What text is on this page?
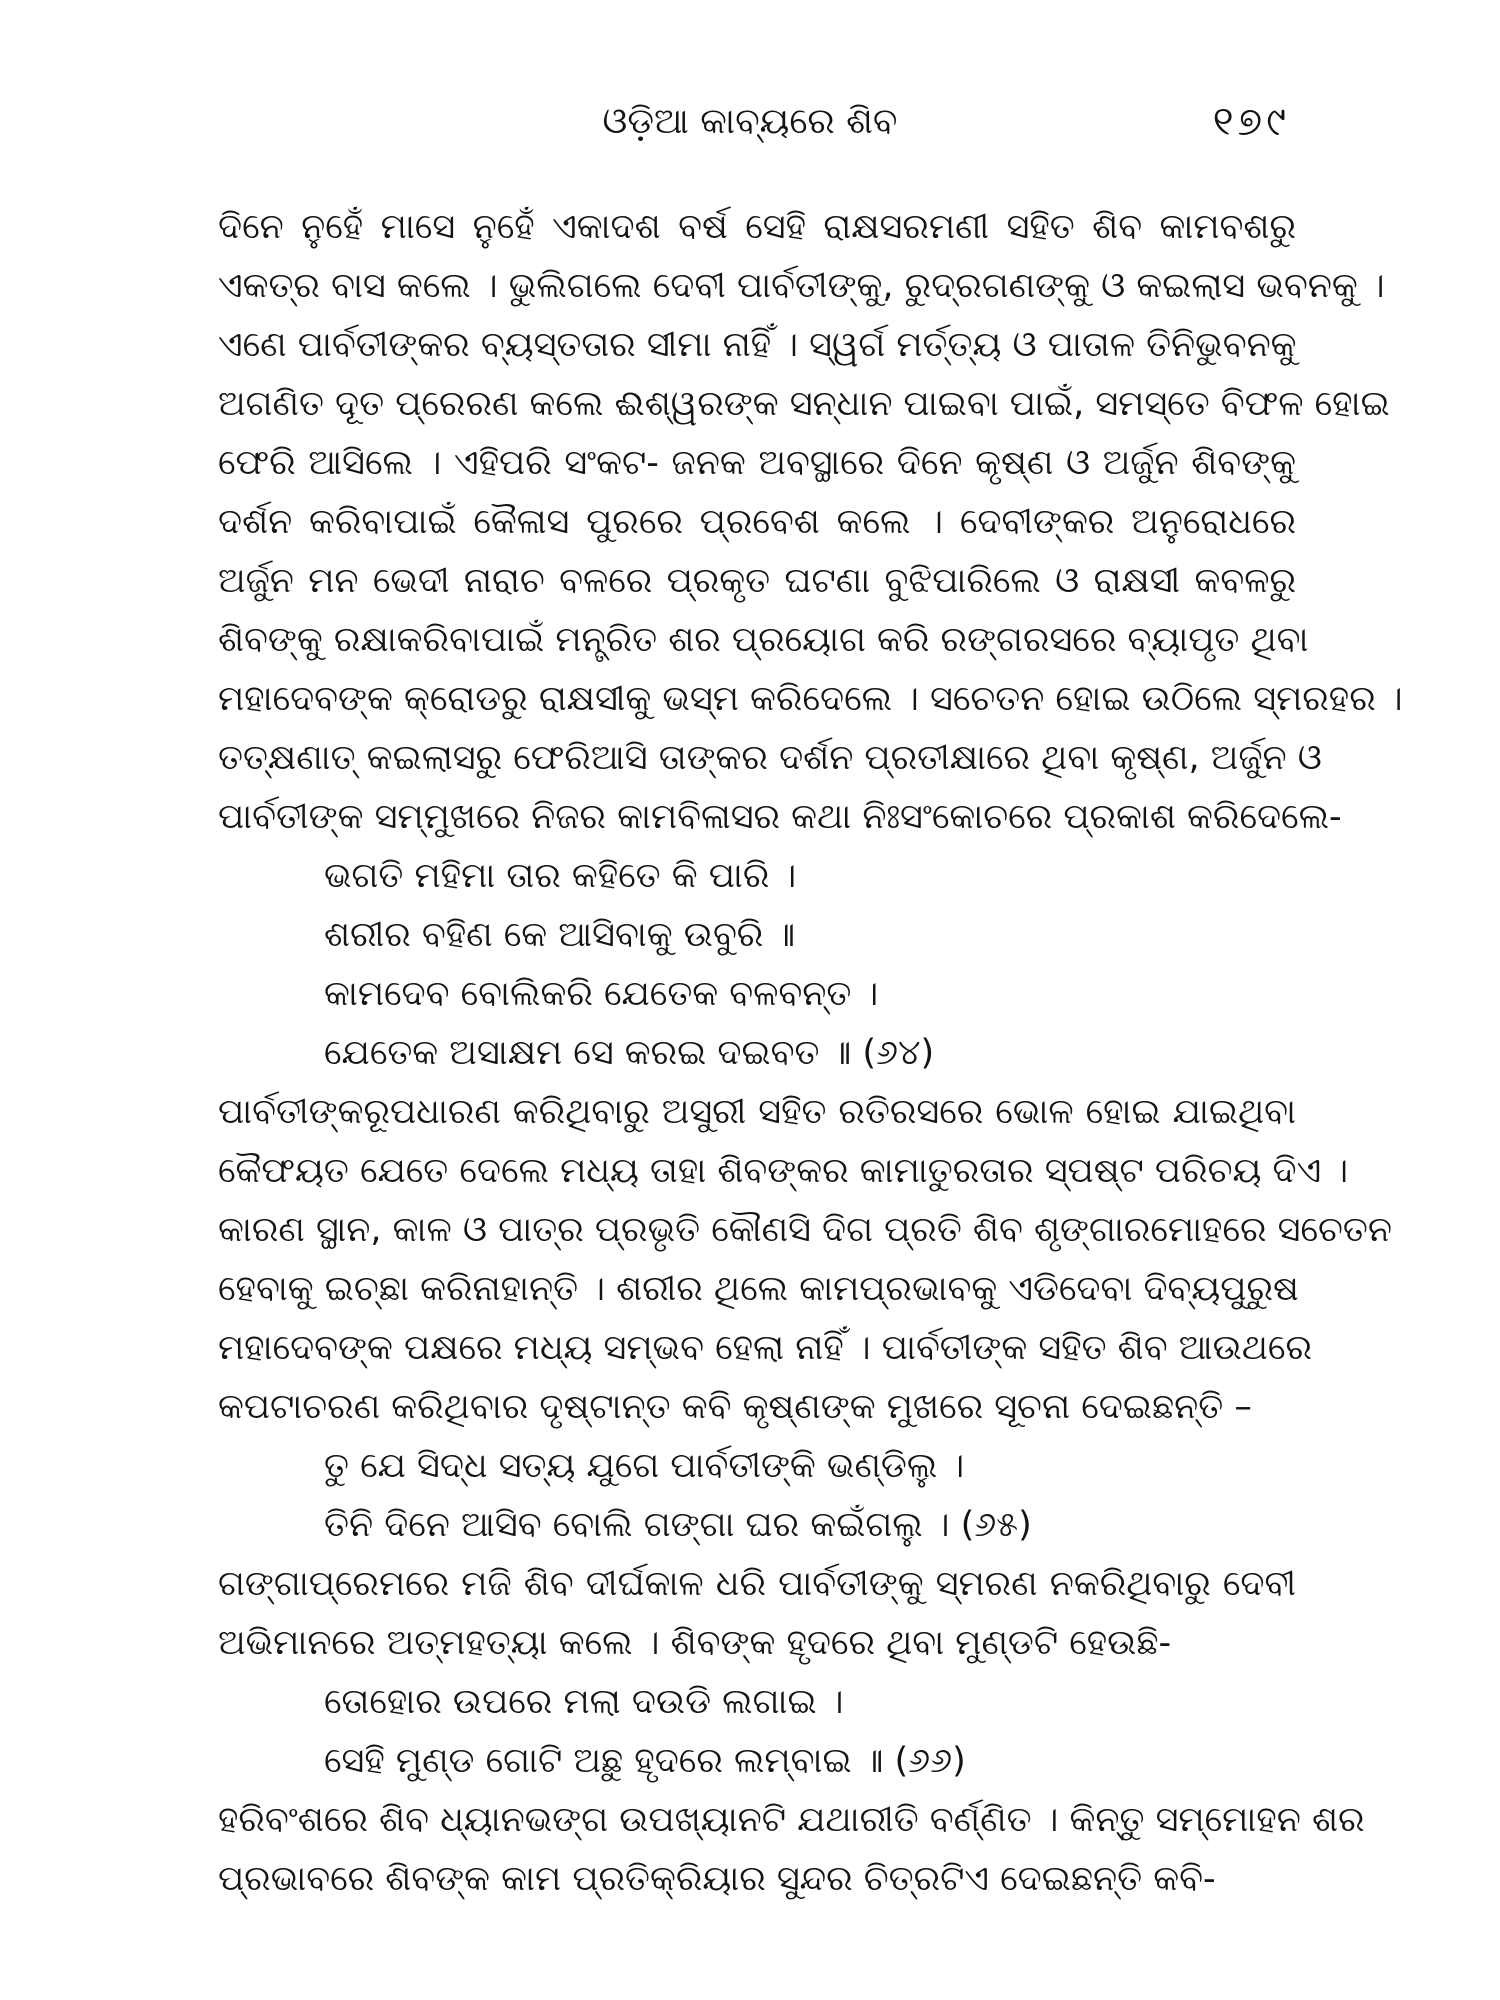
ଓଡ଼ିଆ କାବ୍ୟରେ ଶିବ	୧୭୯
ଦିନେ ନୁହେଁ ମାସେ ନୁହେଁ ଏକାଦଶ ବର୍ଷ ସେହି ରାକ୍ଷସରମଣୀ ସହିତ ଶିବ କାମବଶରୁ
ଏକତ୍ର ବାସ କଲେ । ଭୁଲିଗଲେ ଦେବୀ ପାର୍ବତୀଙ୍କୁ, ରୁଦ୍ରଗଣଙ୍କୁ ଓ କଇଲାସ ଭବନକୁ ।
ଏଣେ ପାର୍ବତୀଙ୍କର ବ୍ୟସ୍ତତାର ସୀମା ନାହିଁ । ସ୍ୱର୍ଗ ମର୍ତ୍ତ୍ୟ ଓ ପାତାଳ ତିନିଭୁବନକୁ
ଅଗଣିତ ଦୂତ ପ୍ରେରଣ କଲେ ଈଶ୍ୱରଙ୍କ ସନ୍ଧାନ ପାଇବା ପାଇଁ, ସମସ୍ତେ ବିଫଳ ହୋଇ
ଫେରି ଆସିଲେ । ଏହିପରି ସଂକଟ- ଜନକ ଅବସ୍ଥାରେ ଦିନେ କୃଷ୍ଣ ଓ ଅର୍ଜୁନ ଶିବଙ୍କୁ
ଦର୍ଶନ କରିବାପାଇଁ କୈଳାସ ପୁରରେ ପ୍ରବେଶ କଲେ । ଦେବୀଙ୍କର ଅନୁରୋଧରେ
ଅର୍ଜୁନ ମନ ଭେଦୀ ନାରାଚ ବଳରେ ପ୍ରକୃତ ଘଟଣା ବୁଝିପାରିଲେ ଓ ରାକ୍ଷସୀ କବଳରୁ
ଶିବଙ୍କୁ ରକ୍ଷାକରିବାପାଇଁ ମନ୍ତ୍ରିତ ଶର ପ୍ରୟୋଗ କରି ରଙ୍ଗରସରେ ବ୍ୟାପୃତ ଥିବା
ମହାଦେବଙ୍କ କ୍ରୋଡରୁ ରାକ୍ଷସୀକୁ ଭସ୍ମ କରିଦେଲେ । ସଚେତନ ହୋଇ ଉଠିଲେ ସ୍ମରହର ।
ତତ୍‌କ୍ଷଣାତ୍ କଇଲାସରୁ ଫେରିଆସି ତାଙ୍କର ଦର୍ଶନ ପ୍ରତୀକ୍ଷାରେ ଥିବା କୃଷ୍ଣ, ଅର୍ଜୁନ ଓ
ପାର୍ବତୀଙ୍କ ସମ୍ମୁଖରେ ନିଜର କାମବିଳାସର କଥା ନିଃସଂକୋଚରେ ପ୍ରକାଶ କରିଦେଲେ-
ଭଗତି ମହିମା ତାର କହିତେ କି ପାରି ।
ଶରୀର ବହିଣ କେ ଆସିବାକୁ ଉବୁରି ॥
କାମଦେବ ବୋଲିକରି ଯେତେକ ବଳବନ୍ତ ।
ଯେତେକ ଅସାକ୍ଷମ ସେ କରଇ ଦଇବତ ॥ (୬୪)
ପାର୍ବତୀଙ୍କରୂପଧାରଣ କରିଥିବାରୁ ଅସୁରୀ ସହିତ ରତିରସରେ ଭୋଳ ହୋଇ ଯାଇଥିବା
କୈଫୟତ ଯେତେ ଦେଲେ ମଧ୍ୟ ତାହା ଶିବଙ୍କର କାମାତୁରତାର ସ୍ପଷ୍ଟ ପରିଚୟ ଦିଏ ।
କାରଣ ସ୍ଥାନ, କାଳ ଓ ପାତ୍ର ପ୍ରଭୃତି କୌଣସି ଦିଗ ପ୍ରତି ଶିବ ଶୃଙ୍ଗାରମୋହରେ ସଚେତନ
ହେବାକୁ ଇଚ୍ଛା କରିନାହାନ୍ତି । ଶରୀର ଥିଲେ କାମପ୍ରଭାବକୁ ଏଡିଦେବା ଦିବ୍ୟପୁରୁଷ
ମହାଦେବଙ୍କ ପକ୍ଷରେ ମଧ୍ୟ ସମ୍ଭବ ହେଲା ନାହିଁ । ପାର୍ବତୀଙ୍କ ସହିତ ଶିବ ଆଉଥରେ
କପଟାଚରଣ କରିଥିବାର ଦୃଷ୍ଟାନ୍ତ କବି କୃଷ୍ଣଙ୍କ ମୁଖରେ ସୂଚନା ଦେଇଛନ୍ତି –
ତୁ ଯେ ସିଦ୍ଧ ସତ୍ୟ ଯୁଗେ ପାର୍ବତୀଙ୍କି ଭଣ୍ଡିଲୁ ।
ତିନି ଦିନେ ଆସିବ ବୋଲି ଗଙ୍ଗା ଘର କଇଁଗଲୁ । (୬୫)
ଗଙ୍ଗାପ୍ରେମରେ ମଜି ଶିବ ଦୀର୍ଘକାଳ ଧରି ପାର୍ବତୀଙ୍କୁ ସ୍ମରଣ ନକରିଥିବାରୁ ଦେବୀ
ଅଭିମାନରେ ଅତ୍ମହତ୍ୟା କଲେ । ଶିବଙ୍କ ହୃଦରେ ଥିବା ମୁଣ୍ଡଟି ହେଉଛି-
ତୋହୋର ଉପରେ ମଲା ଦଉଡି ଲଗାଇ ।
ସେହି ମୁଣ୍ଡ ଗୋଟି ଅଛୁ ହୃଦରେ ଲମ୍ବାଇ ॥ (୬୬)
ହରିବଂଶରେ ଶିବ ଧ୍ୟାନଭଙ୍ଗ ଉପଖ୍ୟାନଟି ଯଥାରୀତି ବର୍ଣ୍ଣିତ । କିନ୍ତୁ ସମ୍ମୋହନ ଶର
ପ୍ରଭାବରେ ଶିବଙ୍କ କାମ ପ୍ରତିକ୍ରିୟାର ସୁନ୍ଦର ଚିତ୍ରଟିଏ ଦେଇଛନ୍ତି କବି-
